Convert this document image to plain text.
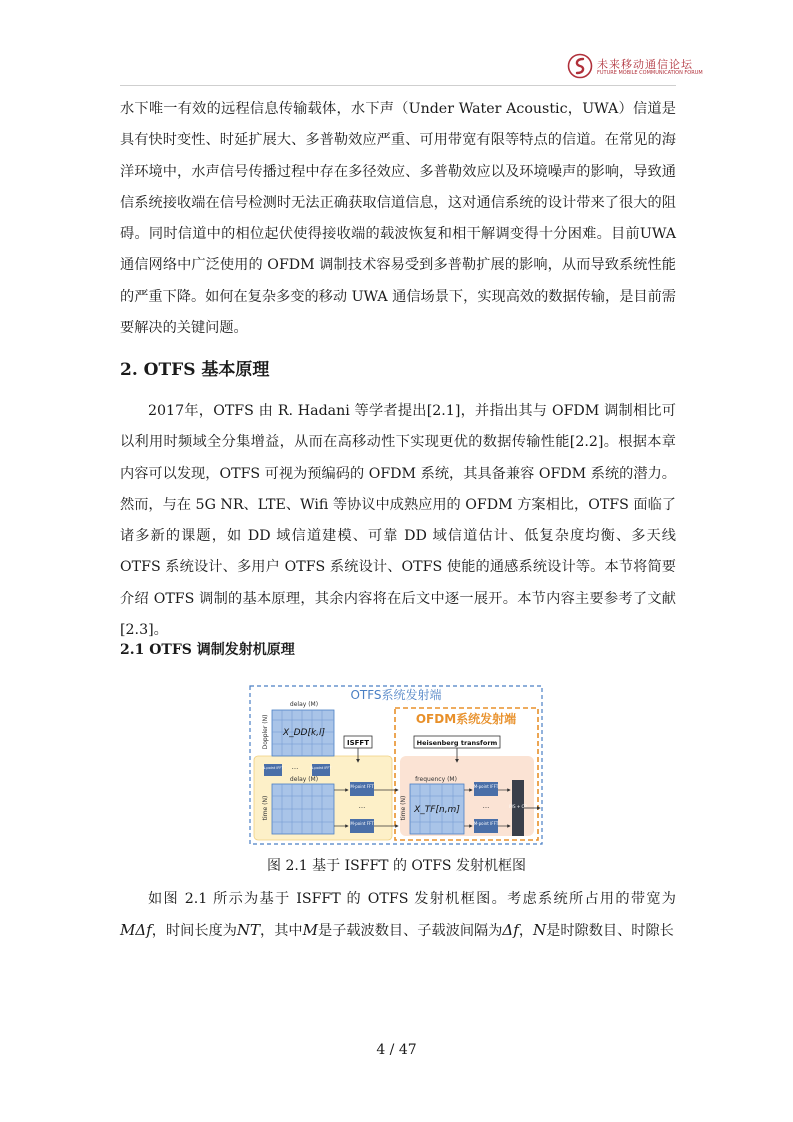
未来移动通信论坛
FUTURE MOBILE COMMUNICATION FORUM

水下唯一有效的远程信息传输载体，水下声（Under Water Acoustic，UWA）信道是具有快时变性、时延扩展大、多普勒效应严重、可用带宽有限等特点的信道。在常见的海洋环境中，水声信号传播过程中存在多径效应、多普勒效应以及环境噪声的影响，导致通信系统接收端在信号检测时无法正确获取信道信息，这对通信系统的设计带来了很大的阻碍。同时信道中的相位起伏使得接收端的载波恢复和相干解调变得十分困难。目前UWA通信网络中广泛使用的 OFDM 调制技术容易受到多普勒扩展的影响，从而导致系统性能的严重下降。如何在复杂多变的移动 UWA 通信场景下，实现高效的数据传输，是目前需要解决的关键问题。

2. OTFS 基本原理

2017年，OTFS 由 R. Hadani 等学者提出[2.1]，并指出其与 OFDM 调制相比可以利用时频域全分集增益，从而在高移动性下实现更优的数据传输性能[2.2]。根据本章内容可以发现，OTFS 可视为预编码的 OFDM 系统，其具备兼容 OFDM 系统的潜力。然而，与在 5G NR、LTE、Wifi 等协议中成熟应用的 OFDM 方案相比，OTFS 面临了诸多新的课题，如 DD 域信道建模、可靠 DD 域信道估计、低复杂度均衡、多天线 OTFS 系统设计、多用户 OTFS 系统设计、OTFS 使能的通感系统设计等。本节将简要介绍 OTFS 调制的基本原理，其余内容将在后文中逐一展开。本节内容主要参考了文献[2.3]。

2.1 OTFS 调制发射机原理
OTFS系统发射端
OFDM系统发射端
delay (M)
Doppler (N) X_DD[k,l]
ISFFT	Heisenberg transform
N-point IFFT ···	N-point IFFT
delay (M)
time (N)
M-point FFT
···
M-point FFT
frequency (M)
time (N) X_TF[n,m]
M-point IFFT
···
M-point IFFT
P/S + CP

图 2.1 基于 ISFFT 的 OTFS 发射机框图

如图 2.1 所示为基于 ISFFT 的 OTFS 发射机框图。考虑系统所占用的带宽为MΔf，时间长度为NT，其中M是子载波数目、子载波间隔为Δf，N是时隙数目、时隙长

4 / 47
